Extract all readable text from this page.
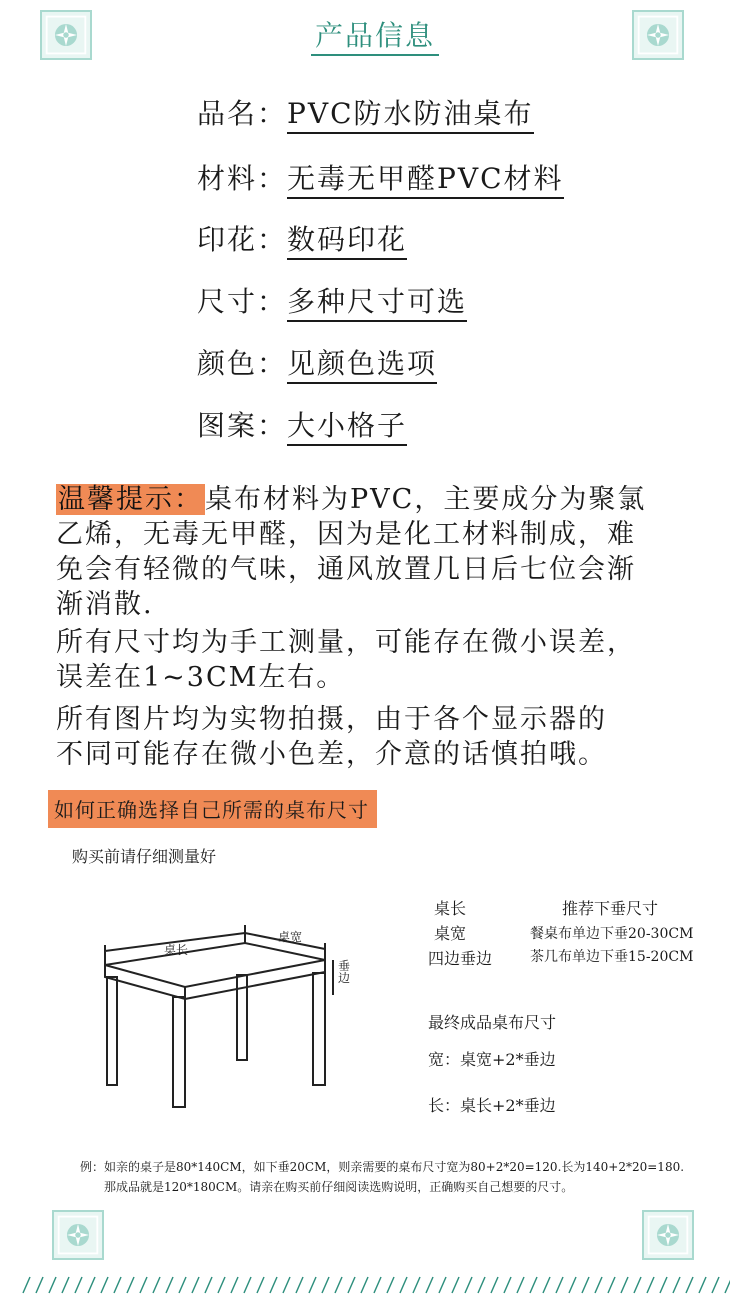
产品信息
品名：PVC防水防油桌布
材料：无毒无甲醛PVC材料
印花：数码印花
尺寸：多种尺寸可选
颜色：见颜色选项
图案：大小格子
温馨提示：桌布材料为PVC，主要成分为聚氯
乙烯，无毒无甲醛，因为是化工材料制成，难
免会有轻微的气味，通风放置几日后七位会渐
渐消散.
所有尺寸均为手工测量，可能存在微小误差，
误差在1~3CM左右。
所有图片均为实物拍摄，由于各个显示器的
不同可能存在微小色差，介意的话慎拍哦。
如何正确选择自己所需的桌布尺寸
购买前请仔细测量好
桌长
桌宽
垂边
桌长
桌宽
四边垂边
推荐下垂尺寸
餐桌布单边下垂20-30CM
茶几布单边下垂15-20CM
最终成品桌布尺寸
宽：桌宽+2*垂边
长：桌长+2*垂边
例：如亲的桌子是80*140CM，如下垂20CM，则亲需要的桌布尺寸宽为80+2*20=120.长为140+2*20=180.
那成品就是120*180CM。请亲在购买前仔细阅读选购说明，正确购买自己想要的尺寸。
